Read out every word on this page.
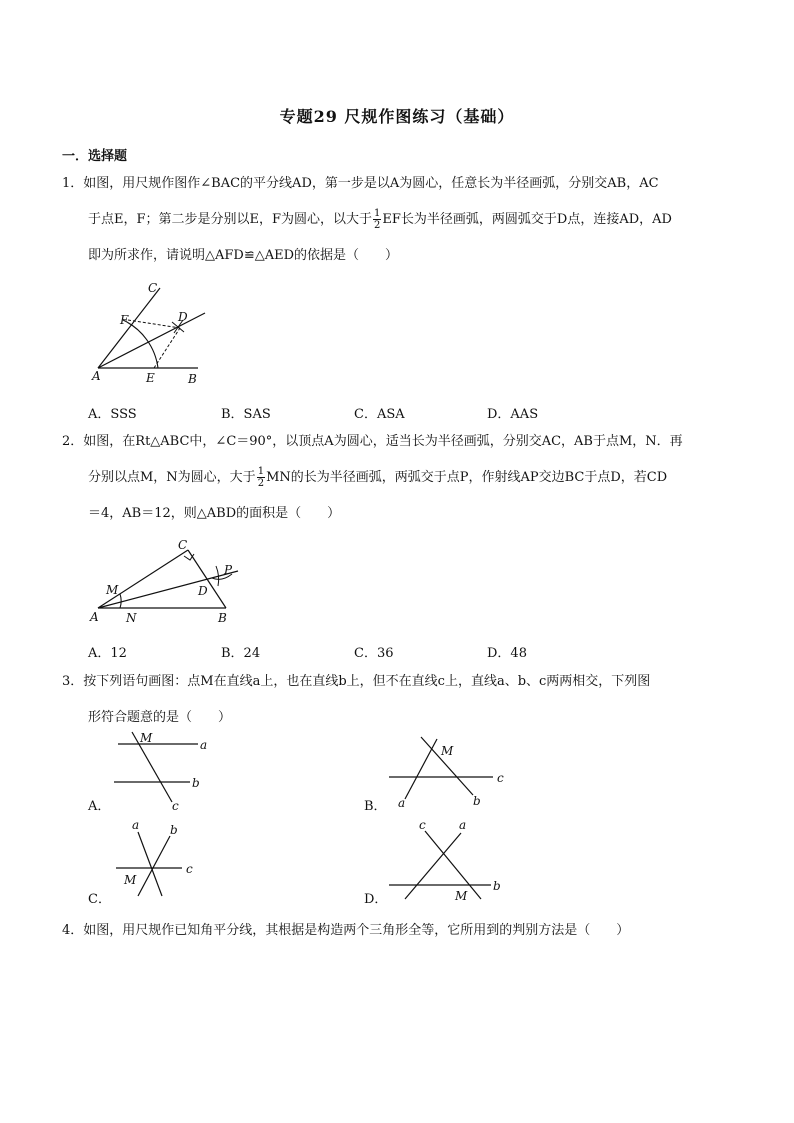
专题29 尺规作图练习（基础）
一．选择题
1．如图，用尺规作图作∠BAC的平分线AD，第一步是以A为圆心，任意长为半径画弧，分别交AB，AC
于点E，F；第二步是分别以E，F为圆心，以大于 $\frac{1}{2}$ EF长为半径画弧，两圆弧交于D点，连接AD，AD
即为所求作，请说明△AFD≌△AED的依据是（　　）
C
F	D
A	E	B
A．SSS	B．SAS	C．ASA	D．AAS
2．如图，在Rt△ABC中，∠C＝90°，以顶点A为圆心，适当长为半径画弧，分别交AC，AB于点M，N．再
分别以点M，N为圆心，大于 $\frac{1}{2}$ MN的长为半径画弧，两弧交于点P，作射线AP交边BC于点D，若CD
＝4，AB＝12，则△ABD的面积是（　　）
C
P
M	D
A N	B
A．12	B．24	C．36	D．48
3．按下列语句画图：点M在直线a上，也在直线b上，但不在直线c上，直线a、b、c两两相交，下列图
形符合题意的是（　　）
A．
M	a
b
c	B．
M
c
a	b
C．
a	b
c
M
D．
c	a
b
M
4．如图，用尺规作已知角平分线，其根据是构造两个三角形全等，它所用到的判别方法是（　　）
